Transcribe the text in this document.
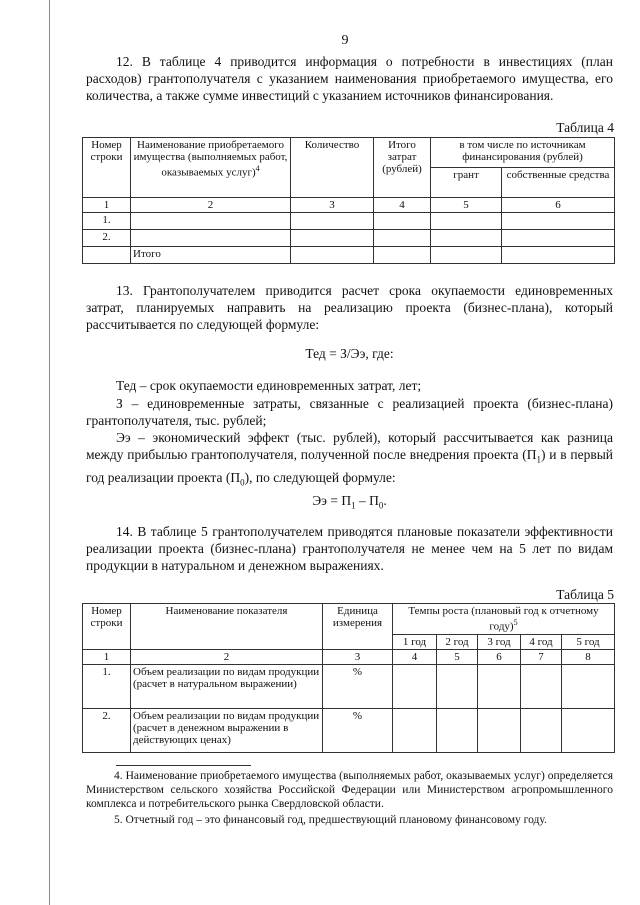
9
12. В таблице 4 приводится информация о потребности в инвестициях (план расходов) грантополучателя с указанием наименования приобретаемого имущества, его количества, а также сумме инвестиций с указанием источников финансирования.
Таблица 4
Номер строки	Наименование приобретаемого имущества (выполняемых работ, оказываемых услуг)$^4$	Количество	Итого затрат (рублей)	в том числе по источникам финансирования (рублей)	
				грант	собственные средства
1	2	3	4	5	6
1.					
2.					
	Итого				
13. Грантополучателем приводится расчет срока окупаемости единовременных затрат, планируемых направить на реализацию проекта (бизнес-плана), который рассчитывается по следующей формуле:
Тед = З/Ээ, где:
Тед – срок окупаемости единовременных затрат, лет;
З – единовременные затраты, связанные с реализацией проекта (бизнес-плана) грантополучателя, тыс. рублей;
Ээ – экономический эффект (тыс. рублей), который рассчитывается как разница между прибылью грантополучателя, полученной после внедрения проекта $(П_1)$ и в первый год реализации проекта $(П_0)$, по следующей формуле:
Ээ = $П_1 - П_0$.
14. В таблице 5 грантополучателем приводятся плановые показатели эффективности реализации проекта (бизнес-плана) грантополучателя не менее чем на 5 лет по видам продукции в натуральном и денежном выражениях.
Таблица 5
Номер строки	Наименование показателя	Единица измерения	Темпы роста (плановый год к отчетному году)$^5$
			1 год	2 год	3 год	4 год	5 год
1	2	3	4	5	6	7	8
1.	Объем реализации по видам продукции (расчет в натуральном выражении)	%					
2.	Объем реализации по видам продукции (расчет в денежном выражении в действующих ценах)	%					
4. Наименование приобретаемого имущества (выполняемых работ, оказываемых услуг) определяется Министерством сельского хозяйства Российской Федерации или Министерством агропромышленного комплекса и потребительского рынка Свердловской области.
5. Отчетный год – это финансовый год, предшествующий плановому финансовому году.
